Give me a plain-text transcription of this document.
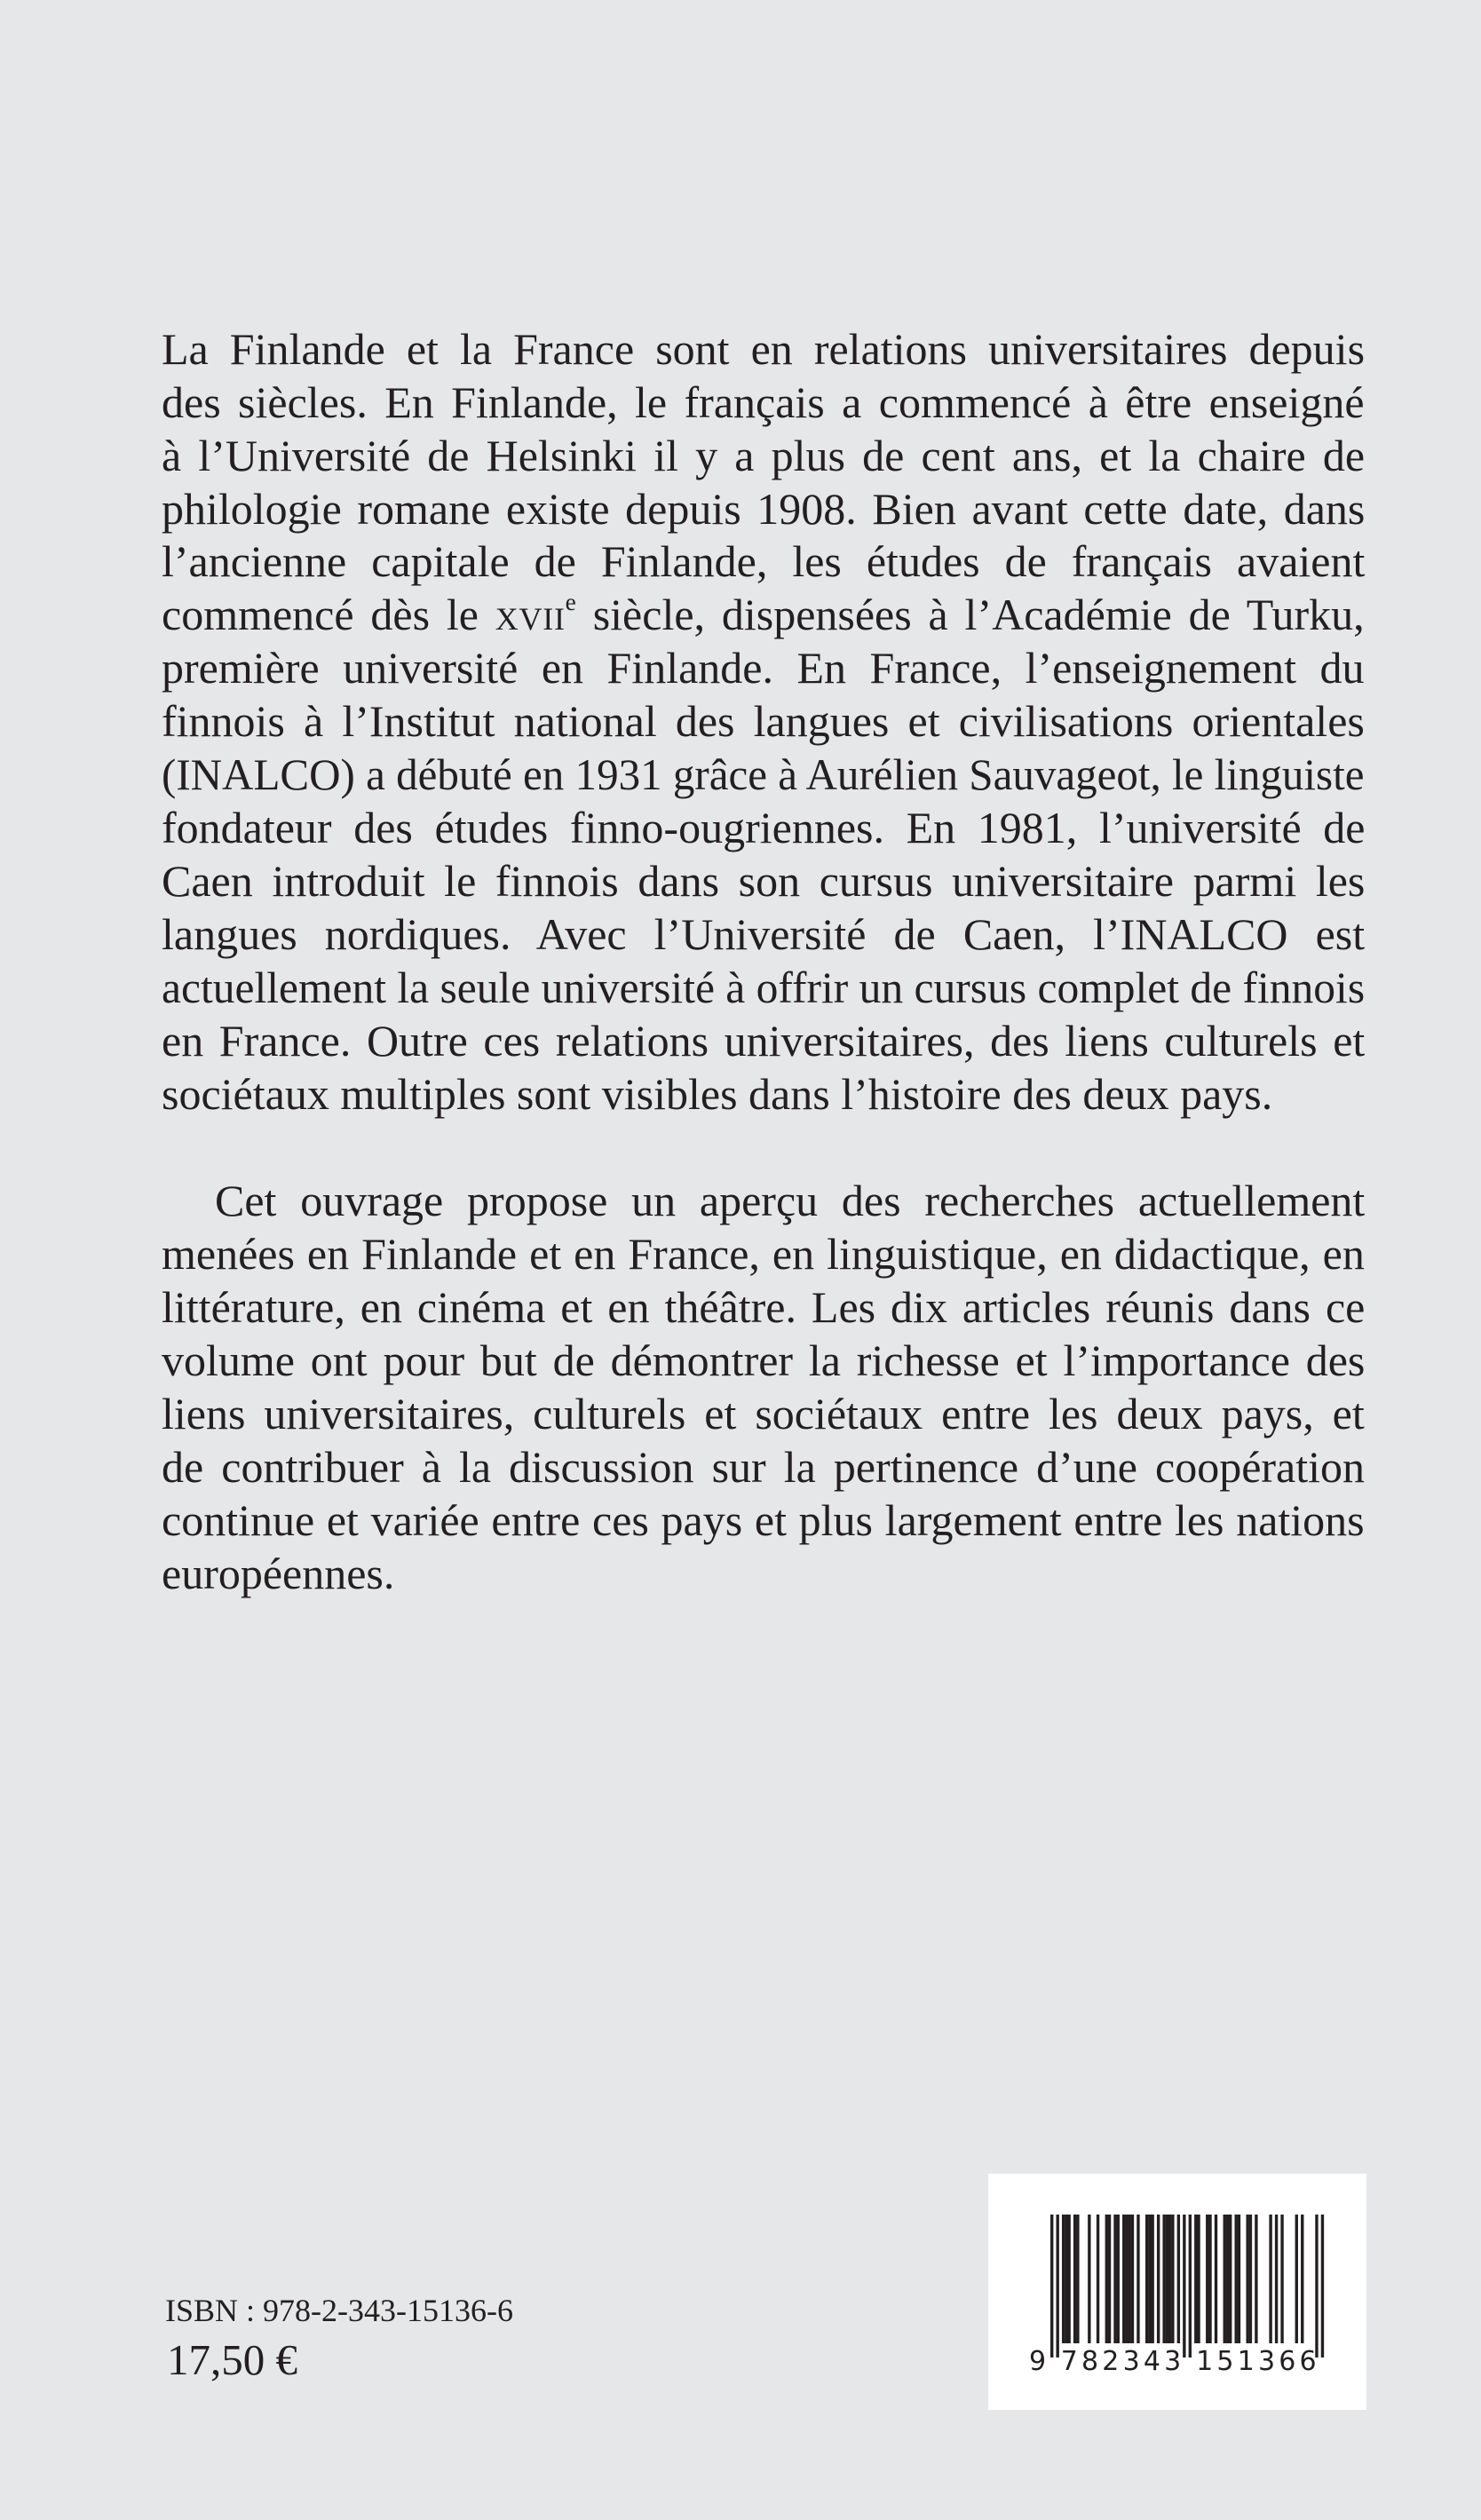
La Finlande et la France sont en relations universitaires depuis
des siècles. En Finlande, le français a commencé à être enseigné
à l’Université de Helsinki il y a plus de cent ans, et la chaire de
philologie romane existe depuis 1908. Bien avant cette date, dans
l’ancienne capitale de Finlande, les études de français avaient
commencé dès le XVIIe siècle, dispensées à l’Académie de Turku,
première université en Finlande. En France, l’enseignement du
finnois à l’Institut national des langues et civilisations orientales
(INALCO) a débuté en 1931 grâce à Aurélien Sauvageot, le linguiste
fondateur des études finno-ougriennes. En 1981, l’université de
Caen introduit le finnois dans son cursus universitaire parmi les
langues nordiques. Avec l’Université de Caen, l’INALCO est
actuellement la seule université à offrir un cursus complet de finnois
en France. Outre ces relations universitaires, des liens culturels et
sociétaux multiples sont visibles dans l’histoire des deux pays.
Cet ouvrage propose un aperçu des recherches actuellement
menées en Finlande et en France, en linguistique, en didactique, en
littérature, en cinéma et en théâtre. Les dix articles réunis dans ce
volume ont pour but de démontrer la richesse et l’importance des
liens universitaires, culturels et sociétaux entre les deux pays, et
de contribuer à la discussion sur la pertinence d’une coopération
continue et variée entre ces pays et plus largement entre les nations
européennes.
ISBN : 978-2-343-15136-6
17,50 €	9 782343 151366
